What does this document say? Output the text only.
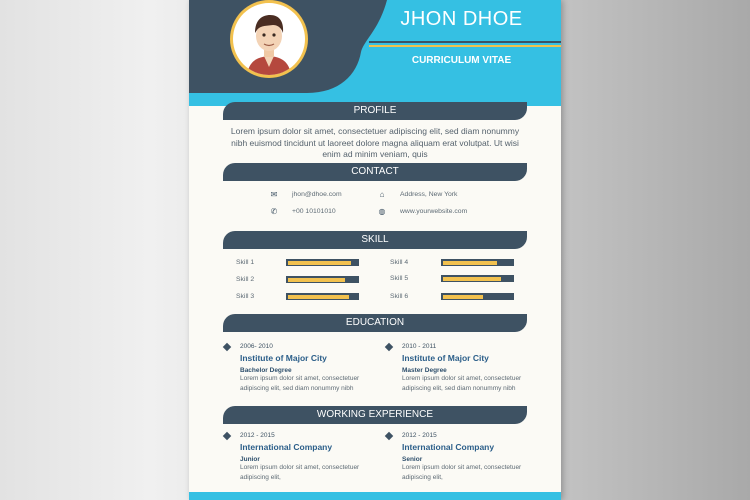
JHON DHOE
CURRICULUM VITAE
PROFILE
Lorem ipsum dolor sit amet, consectetuer adipiscing elit, sed diam nonummy nibh euismod tincidunt ut laoreet dolore magna aliquam erat volutpat. Ut wisi enim ad minim veniam, quis
CONTACT
✉	jhon@dhoe.com
✆	+00 10101010
⌂	Address, New York
◍	www.yourwebsite.com
SKILL
Skill 1
Skill 2
Skill 3
Skill 4
Skill 5
Skill 6
EDUCATION
2006- 2010
Institute of Major City
Bachelor Degree
Lorem ipsum dolor sit amet, consectetuer
adipiscing elit, sed diam nonummy nibh
2010 - 2011
Institute of Major City
Master Degree
Lorem ipsum dolor sit amet, consectetuer
adipiscing elit, sed diam nonummy nibh
WORKING EXPERIENCE
2012 - 2015
International Company
Junior
Lorem ipsum dolor sit amet, consectetuer
adipiscing elit,
2012 - 2015
International Company
Senior
Lorem ipsum dolor sit amet, consectetuer
adipiscing elit,
